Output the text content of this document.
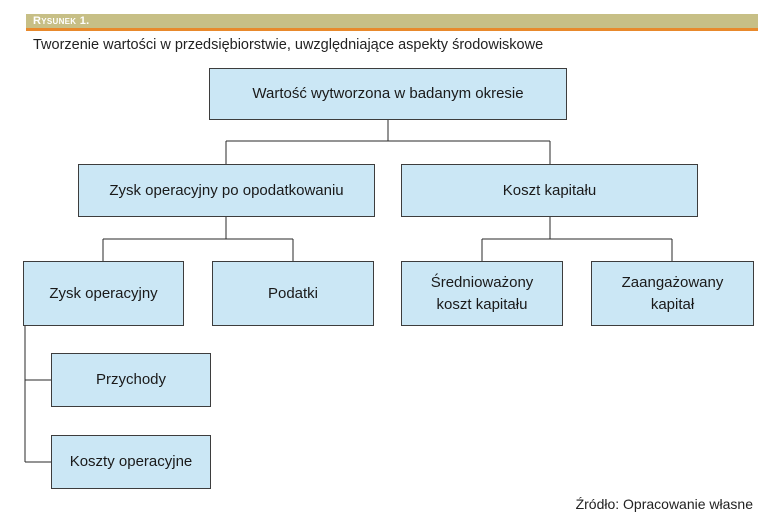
Rysunek 1.
Tworzenie wartości w przedsiębiorstwie, uwzględniające aspekty środowiskowe
Wartość wytworzona w badanym okresie
Zysk operacyjny po opodatkowaniu	Koszt kapitału
Zysk operacyjny	Podatki
Średnioważony
koszt kapitału
Zaangażowany
kapitał
Przychody
Koszty operacyjne
Źródło: Opracowanie własne
